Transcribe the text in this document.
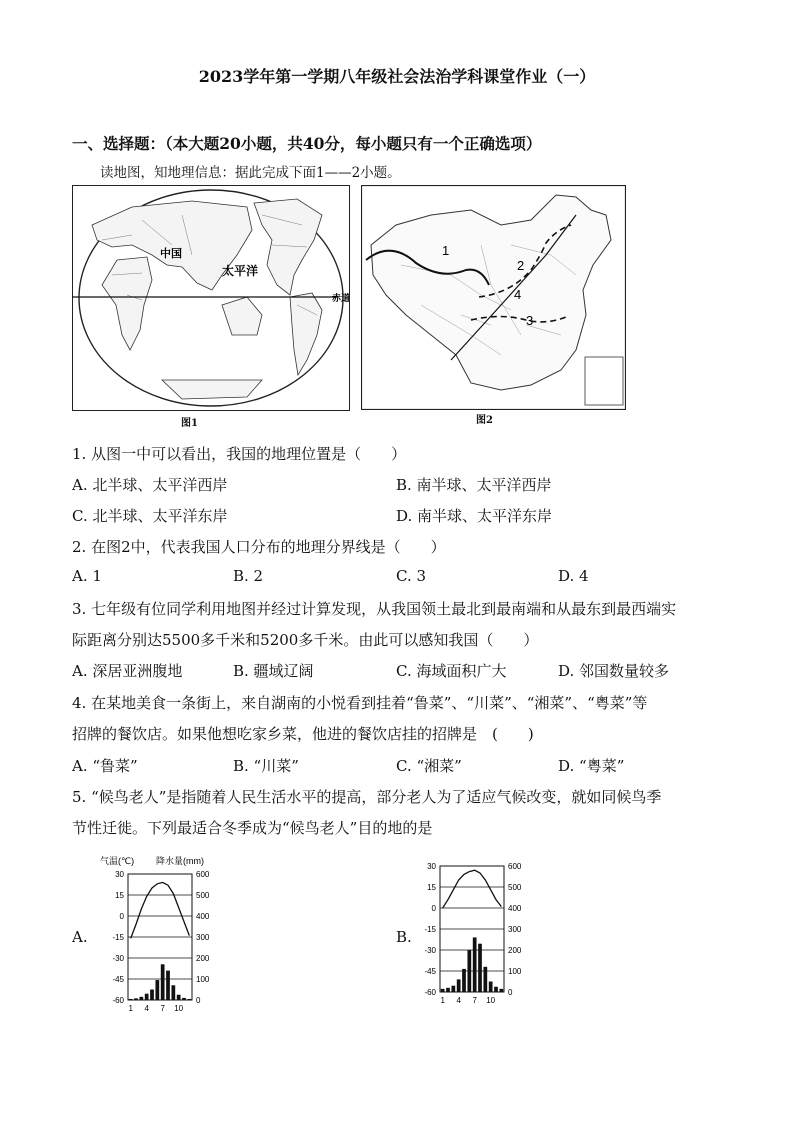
2023学年第一学期八年级社会法治学科课堂作业（一）
一、选择题：（本大题20小题，共40分，每小题只有一个正确选项）
读地图，知地理信息：据此完成下面1——2小题。
中国
太平洋
赤道
图1
1
2
3
4
图2
1. 从图一中可以看出，我国的地理位置是（　　）
A. 北半球、太平洋西岸	B. 南半球、太平洋西岸
C. 北半球、太平洋东岸	D. 南半球、太平洋东岸
2. 在图2中，代表我国人口分布的地理分界线是（　　）
A. 1	B. 2	C. 3	D. 4
3. 七年级有位同学利用地图并经过计算发现，从我国领土最北到最南端和从最东到最西端实
际距离分别达5500多千米和5200多千米。由此可以感知我国（　　）
A. 深居亚洲腹地	B. 疆域辽阔	C. 海域面积广大	D. 邻国数量较多
4. 在某地美食一条街上，来自湖南的小悦看到挂着“鲁菜”、“川菜”、“湘菜”、“粤菜”等
招牌的餐饮店。如果他想吃家乡菜，他进的餐饮店挂的招牌是　(　　)
A. “鲁菜”	B. “川菜”	C. “湘菜”	D. “粤菜”
5. “候鸟老人”是指随着人民生活水平的提高，部分老人为了适应气候改变，就如同候鸟季
节性迁徙。下列最适合冬季成为“候鸟老人”目的地的是
A.	B.
气温(℃) 降水量(mm)
30	600
15	500
0	400
-15	300
-30	200
-45	100
-60	0
1 4 7 10
30	600
15	500
0	400
-15	300
-30	200
-45	100
-60	0
1 4 7 10
